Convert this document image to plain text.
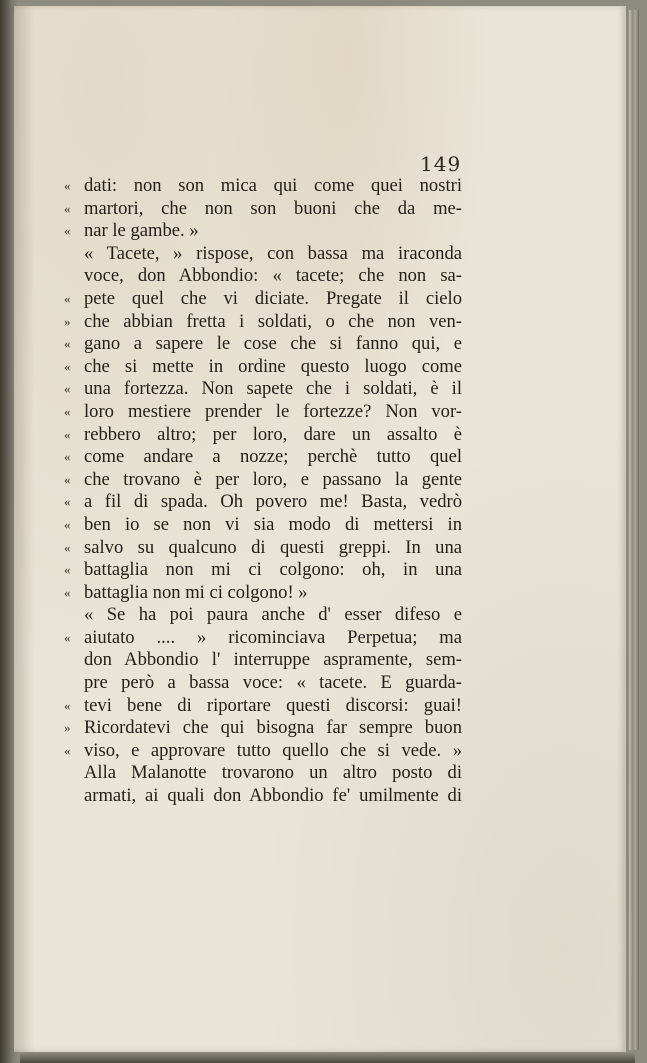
149
« dati: non son mica qui come quei nostri
« martori, che non son buoni che da me-
« nar le gambe. »
« Tacete, » rispose, con bassa ma iraconda
voce, don Abbondio: « tacete; che non sa-
« pete quel che vi diciate. Pregate il cielo
» che abbian fretta i soldati, o che non ven-
« gano a sapere le cose che si fanno qui, e
« che si mette in ordine questo luogo come
« una fortezza. Non sapete che i soldati, è il
« loro mestiere prender le fortezze? Non vor-
« rebbero altro; per loro, dare un assalto è
« come andare a nozze; perchè tutto quel
« che trovano è per loro, e passano la gente
« a fil di spada. Oh povero me! Basta, vedrò
« ben io se non vi sia modo di mettersi in
« salvo su qualcuno di questi greppi. In una
« battaglia non mi ci colgono: oh, in una
« battaglia non mi ci colgono! »
« Se ha poi paura anche d' esser difeso e
« aiutato .... » ricominciava Perpetua; ma
don Abbondio l' interruppe aspramente, sem-
pre però a bassa voce: « tacete. E guarda-
« tevi bene di riportare questi discorsi: guai!
» Ricordatevi che qui bisogna far sempre buon
« viso, e approvare tutto quello che si vede. »
Alla Malanotte trovarono un altro posto di
armati, ai quali don Abbondio fe' umilmente di
